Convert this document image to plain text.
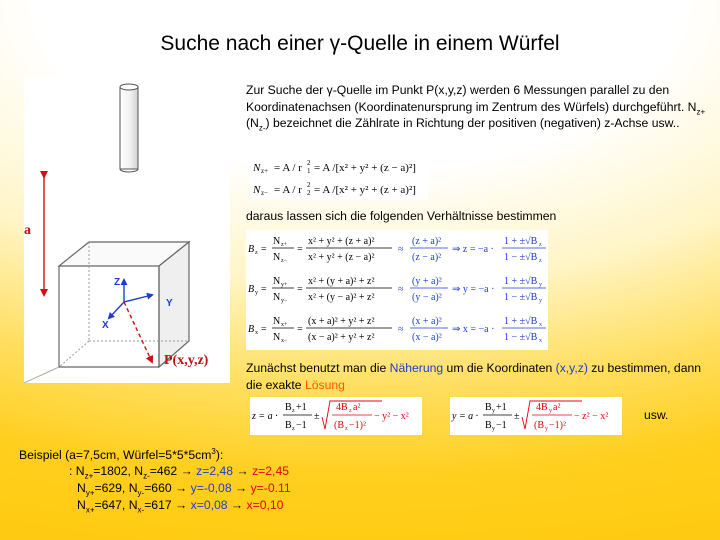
Suche nach einer γ-Quelle in einem Würfel
a
Z
Y
X
P(x,y,z)
Zur Suche der γ-Quelle im Punkt P(x,y,z) werden 6 Messungen parallel zu den Koordinatenachsen (Koordinatenursprung im Zentrum des Würfels) durchgeführt. $N_{z+}$ $(N_{z-})$ bezeichnet die Zählrate in Richtung der positiven (negativen) z-Achse usw..
N z+ = A / r 1
2 = A /[x² + y² + (z − a)²]
N z− = A / r 2
2 = A /[x² + y² + (z + a)²]
daraus lassen sich die folgenden Verhältnisse bestimmen
B z =
N z+
N z−
=
x² + y² + (z + a)²
x² + y² + (z − a)²
≈
(z + a)²
(z − a)²
⇒ z = −a ·
1 + ±√B z
1 − ±√B z
B y =
N y+
N y−
=
x² + (y + a)² + z²
x² + (y − a)² + z²
≈
(y + a)²
(y − a)²
⇒ y = −a ·
1 + ±√B y
1 − ±√B y
B x =
N x+
N x−
=
(x + a)² + y² + z²
(x − a)² + y² + z²
≈
(x + a)²
(x − a)²
⇒ x = −a ·
1 + ±√B x
1 − ±√B x
Zunächst benutzt man die Näherung um die Koordinaten (x,y,z) zu bestimmen, dann die exakte Lösung
z = a ·
B z +1
B z −1
±
4B z a²
(B z −1)²
− y² − x²	y = a ·
B y +1
B y −1
±
4B y a²
(B y −1)²
− z² − x²	usw.
Beispiel (a=7,5cm, $Würfel=5*5*5cm^3$):
: $N_{z+}=1802$, $N_{z-}=462 \to z=2,48 \to z=2,45$
$N_{y+}=629$, $N_{y-}=660 \to y=-0,08 \to y=-0.11$
$N_{x+}=647$, $N_{x-}=617 \to x=0,08 \to x=0,10$
